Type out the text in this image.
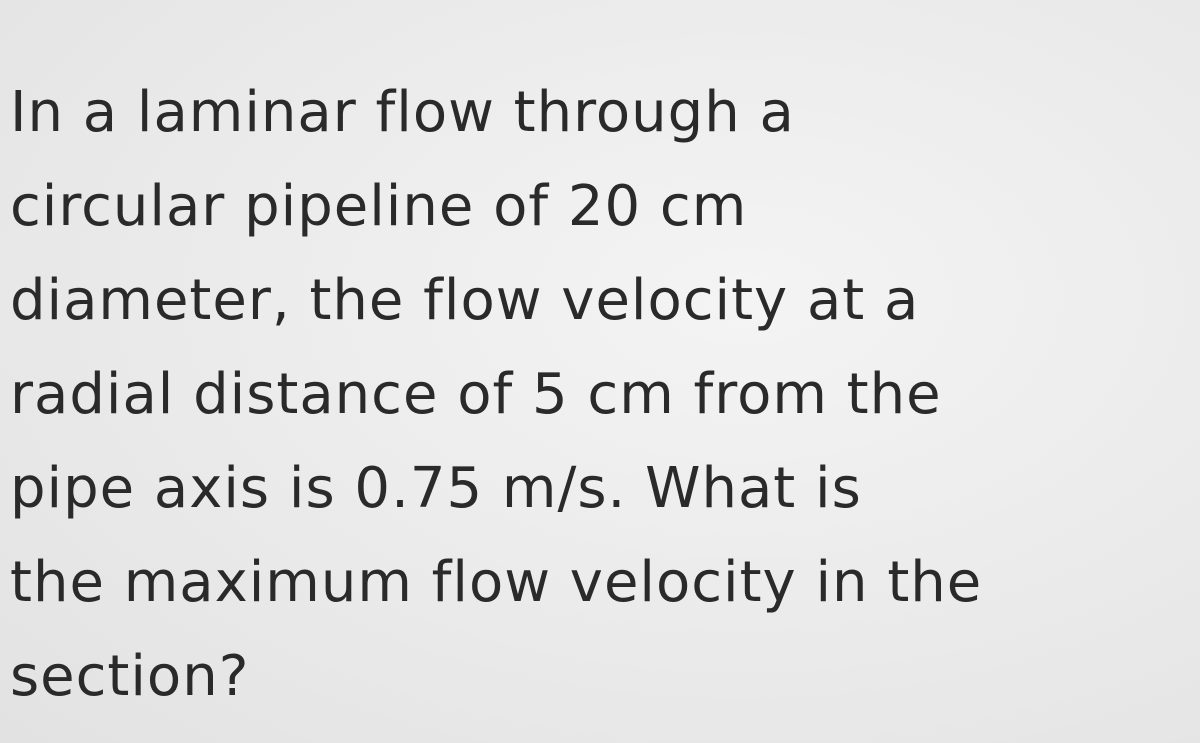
In a laminar flow through a
circular pipeline of 20 cm
diameter, the flow velocity at a
radial distance of 5 cm from the
pipe axis is 0.75 m/s. What is
the maximum flow velocity in the
section?
